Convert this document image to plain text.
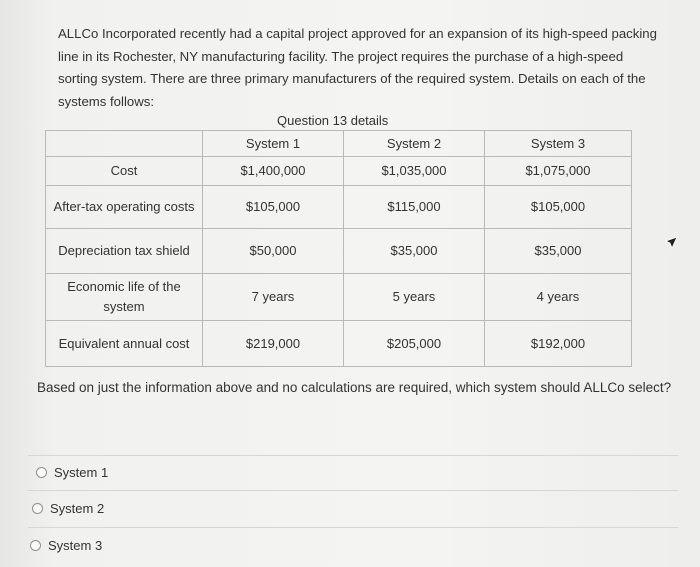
ALLCo Incorporated recently had a capital project approved for an expansion of its high-speed packing line in its Rochester, NY manufacturing facility. The project requires the purchase of a high-speed sorting system. There are three primary manufacturers of the required system. Details on each of the systems follows:
Question 13 details
	System 1	System 2	System 3
Cost	$1,400,000	$1,035,000	$1,075,000
After-tax operating costs	$105,000	$115,000	$105,000
Depreciation tax shield	$50,000	$35,000	$35,000
Economic life of the system	7 years	5 years	4 years
Equivalent annual cost	$219,000	$205,000	$192,000
Based on just the information above and no calculations are required, which system should ALLCo select?
System 1
System 2
System 3
